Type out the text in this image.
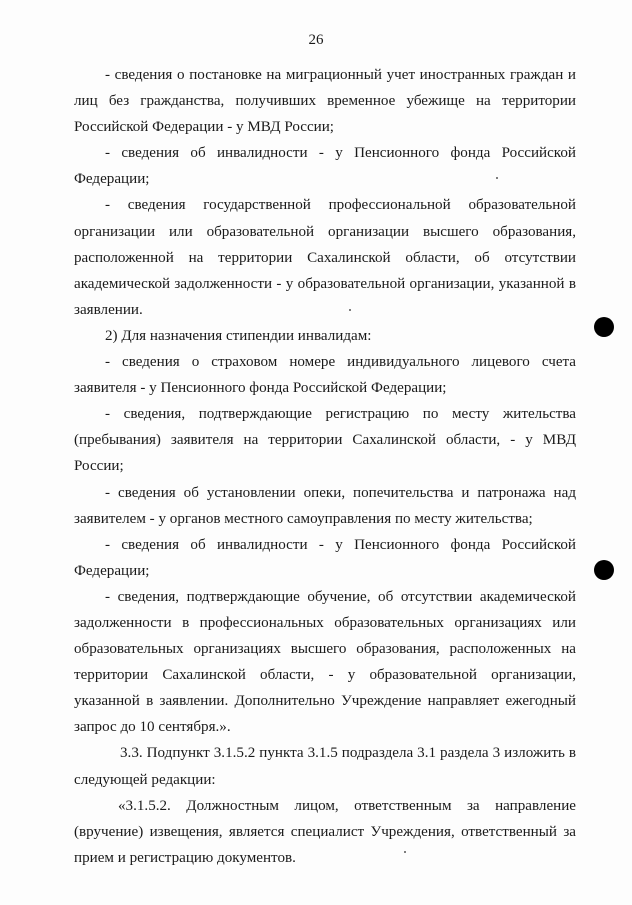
26

- сведения о постановке на миграционный учет иностранных граждан и лиц без гражданства, получивших временное убежище на территории Российской Федерации - у МВД России;

- сведения об инвалидности - у Пенсионного фонда Российской Федерации;

- сведения государственной профессиональной образовательной организации или образовательной организации высшего образования, расположенной на территории Сахалинской области, об отсутствии академической задолженности - у образовательной организации, указанной в заявлении.

2) Для назначения стипендии инвалидам:

- сведения о страховом номере индивидуального лицевого счета заявителя - у Пенсионного фонда Российской Федерации;

- сведения, подтверждающие регистрацию по месту жительства (пребывания) заявителя на территории Сахалинской области, - у МВД России;

- сведения об установлении опеки, попечительства и патронажа над заявителем - у органов местного самоуправления по месту жительства;

- сведения об инвалидности - у Пенсионного фонда Российской Федерации;

- сведения, подтверждающие обучение, об отсутствии академической задолженности в профессиональных образовательных организациях или образовательных организациях высшего образования, расположенных на территории Сахалинской области, - у образовательной организации, указанной в заявлении. Дополнительно Учреждение направляет ежегодный запрос до 10 сентября.».

3.3. Подпункт 3.1.5.2 пункта 3.1.5 подраздела 3.1 раздела 3 изложить в следующей редакции:

«3.1.5.2. Должностным лицом, ответственным за направление (вручение) извещения, является специалист Учреждения, ответственный за прием и регистрацию документов.
